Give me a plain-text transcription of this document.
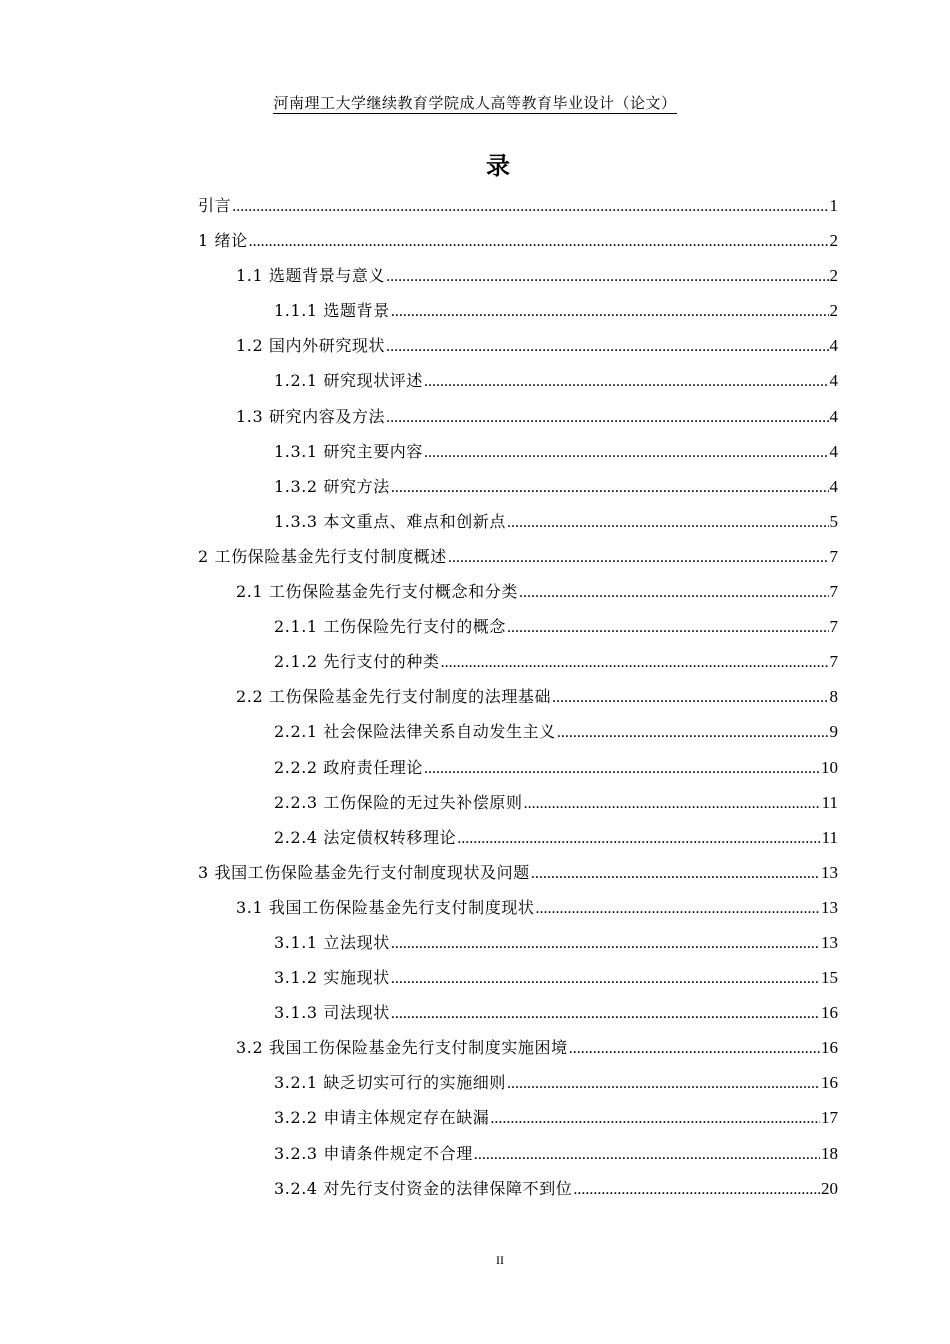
河南理工大学继续教育学院成人高等教育毕业设计（论文）
录
引言 .....	1
1 绪论 .....	2
1.1 选题背景与意义 .....	2
1.1.1 选题背景 .....	2
1.2 国内外研究现状 .....	4
1.2.1 研究现状评述 .....	4
1.3 研究内容及方法 .....	4
1.3.1 研究主要内容 .....	4
1.3.2 研究方法 .....	4
1.3.3 本文重点、难点和创新点 .....	5
2 工伤保险基金先行支付制度概述 .....	7
2.1 工伤保险基金先行支付概念和分类 .....	7
2.1.1 工伤保险先行支付的概念 .....	7
2.1.2 先行支付的种类 .....	7
2.2 工伤保险基金先行支付制度的法理基础 .....	8
2.2.1 社会保险法律关系自动发生主义 .....	9
2.2.2 政府责任理论 .....	10
2.2.3 工伤保险的无过失补偿原则 .....	11
2.2.4 法定债权转移理论 .....	11
3 我国工伤保险基金先行支付制度现状及问题 .....	13
3.1 我国工伤保险基金先行支付制度现状 .....	13
3.1.1 立法现状 .....	13
3.1.2 实施现状 .....	15
3.1.3 司法现状 .....	16
3.2 我国工伤保险基金先行支付制度实施困境 .....	16
3.2.1 缺乏切实可行的实施细则 .....	16
3.2.2 申请主体规定存在缺漏 .....	17
3.2.3 申请条件规定不合理 .....	18
3.2.4 对先行支付资金的法律保障不到位 .....	20
II
